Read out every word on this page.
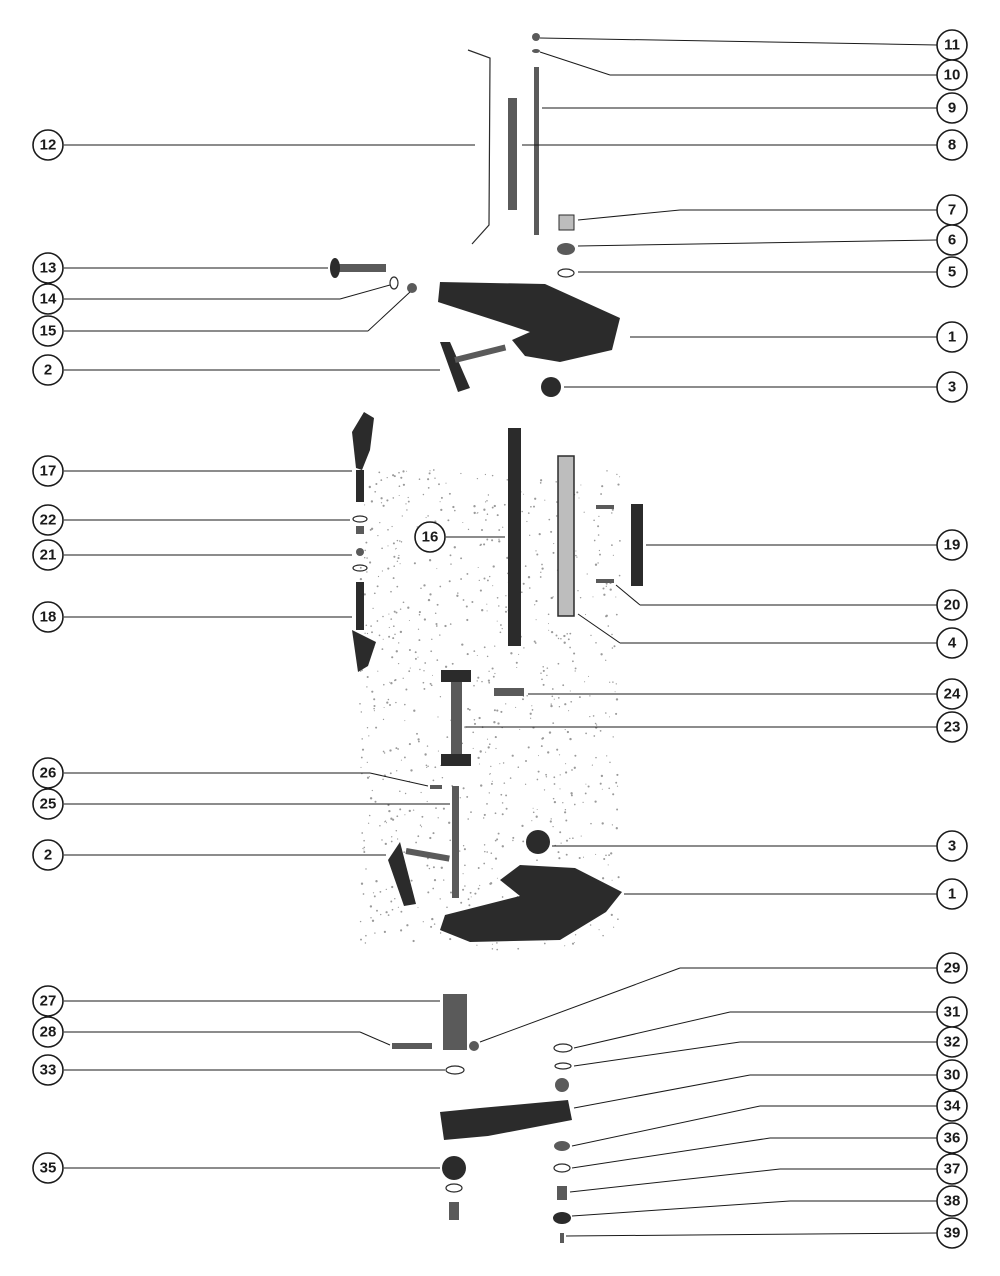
11
10
9
8
12
7
6
5
13
14
15	1
2
3
17
22
21
18
16	19
20
4
24
23
26
25
2
3
1
29
27
28
33
31
32
30
34
36
37
38
39
35
